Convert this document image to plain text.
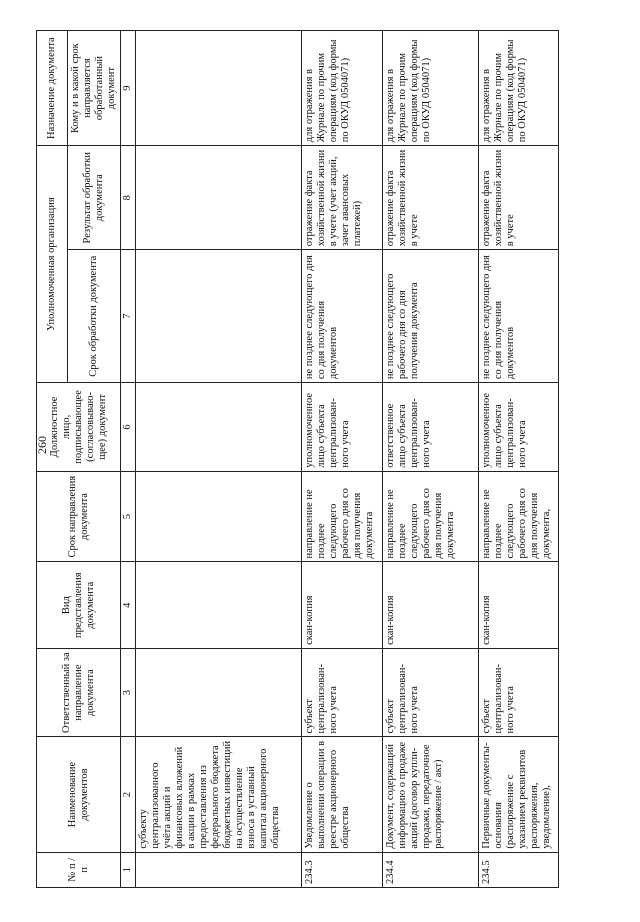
260
№ п / п	Наименование документов	Ответственный за направление документа	Вид представления документа	Срок направления документа	Должностное лицо, подписывающее (согласовываю-щее) документ	Уполномоченная организация		Назначение документа
						Срок обработки документа	Результат обработки документа	Кому и в какой срок направляется обработанный документ
1	2	3	4	5	6	7	8	9
	субъекту централизованного учёта акций и финансовых вложений в акции в рамках предоставления из федерального бюджета бюджетных инвестиций на осуществление взноса в уставный капитал акционерного общества							
234.3	Уведомление о выполнении операции в реестре акционерного общества	субъект централизован-ного учета	скан-копия	направление не позднее следующего рабочего дня со дня получения документа	уполномоченное лицо субъекта централизован-ного учета	не позднее следующего дня со дня получения документов	отражение факта хозяйственной жизни в учете (учет акций, зачет авансовых платежей)	для отражения в Журнале по прочим операциям (код формы по ОКУД 0504071)
234.4	Документ, содержащий информацию о продаже акций (договор купли-продажи, передаточное распоряжение / акт)	субъект централизован-ного учета	скан-копия	направление не позднее следующего рабочего дня со дня получения документа	ответственное лицо субъекта централизован-ного учета	не позднее следующего рабочего дня со дня получения документа	отражение факта хозяйственной жизни в учете	для отражения в Журнале по прочим операциям (код формы по ОКУД 0504071)
234.5	Первичные документы-основания (распоряжение с указанием реквизитов распоряжения, уведомление),	субъект централизован-ного учета	скан-копия	направление не позднее следующего рабочего дня со дня получения документа,	уполномоченное лицо субъекта централизован-ного учета	не позднее следующего дня со дня получения документов	отражение факта хозяйственной жизни в учете	для отражения в Журнале по прочим операциям (код формы по ОКУД 0504071)
